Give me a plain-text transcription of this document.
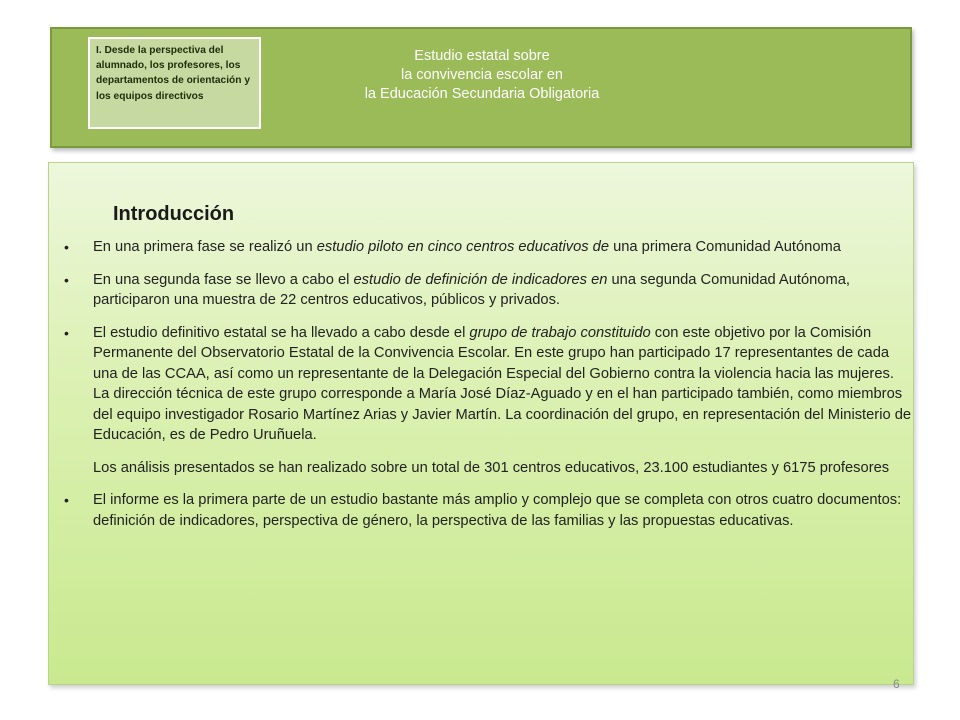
I. Desde la perspectiva del alumnado, los profesores, los departamentos de orientación y los equipos directivos
Estudio estatal sobre
la convivencia escolar en
la Educación Secundaria Obligatoria
Introducción
• En una primera fase se realizó un estudio piloto en cinco centros educativos de una primera Comunidad Autónoma
• En una segunda fase se llevo a cabo el estudio de definición de indicadores en una segunda Comunidad Autónoma, participaron una muestra de 22 centros educativos, públicos y privados.
• El estudio definitivo estatal se ha llevado a cabo desde el grupo de trabajo constituido con este objetivo por la Comisión Permanente del Observatorio Estatal de la Convivencia Escolar. En este grupo han participado 17 representantes de cada una de las CCAA, así como un representante de la Delegación Especial del Gobierno contra la violencia hacia las mujeres. La dirección técnica de este grupo corresponde a María José Díaz-Aguado y en el han participado también, como miembros del equipo investigador Rosario Martínez Arias y Javier Martín. La coordinación del grupo, en representación del Ministerio de Educación, es de Pedro Uruñuela.
Los análisis presentados se han realizado sobre un total de 301 centros educativos, 23.100 estudiantes y 6175 profesores
• El informe es la primera parte de un estudio bastante más amplio y complejo que se completa con otros cuatro documentos: definición de indicadores, perspectiva de género, la perspectiva de las familias y las propuestas educativas.
6
